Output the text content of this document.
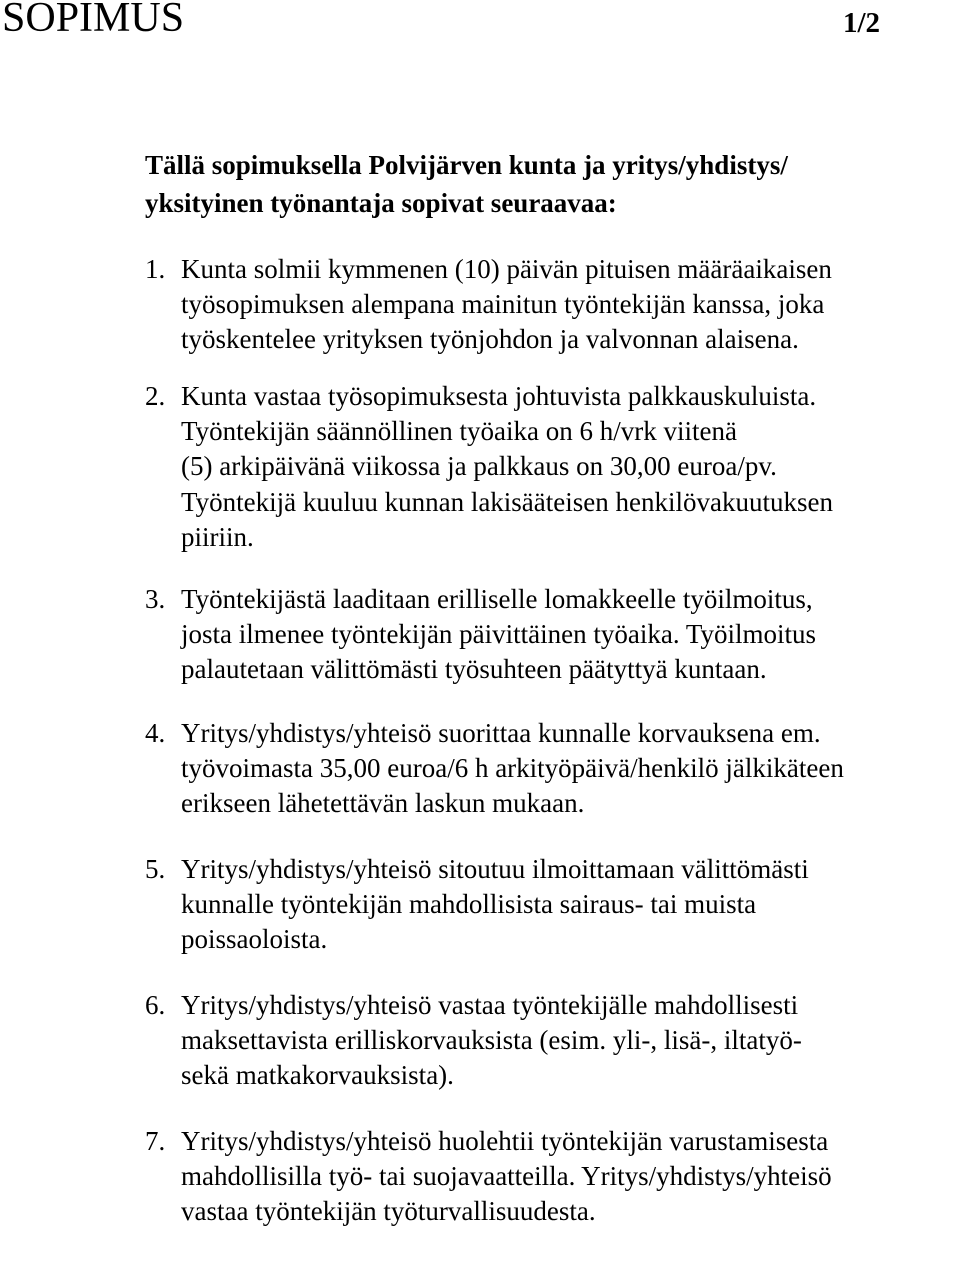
SOPIMUS	1/2
Tällä sopimuksella Polvijärven kunta ja yritys/yhdistys/
yksityinen työnantaja sopivat seuraavaa:
1. Kunta solmii kymmenen (10) päivän pituisen määräaikaisen
työsopimuksen alempana mainitun työntekijän kanssa, joka
työskentelee yrityksen työnjohdon ja valvonnan alaisena.
2. Kunta vastaa työsopimuksesta johtuvista palkkauskuluista.
Työntekijän säännöllinen työaika on 6 h/vrk viitenä
(5) arkipäivänä viikossa ja palkkaus on 30,00 euroa/pv.
Työntekijä kuuluu kunnan lakisääteisen henkilövakuutuksen
piiriin.
3. Työntekijästä laaditaan erilliselle lomakkeelle työilmoitus,
josta ilmenee työntekijän päivittäinen työaika. Työilmoitus
palautetaan välittömästi työsuhteen päätyttyä kuntaan.
4. Yritys/yhdistys/yhteisö suorittaa kunnalle korvauksena em.
työvoimasta 35,00 euroa/6 h arkityöpäivä/henkilö jälkikäteen
erikseen lähetettävän laskun mukaan.
5. Yritys/yhdistys/yhteisö sitoutuu ilmoittamaan välittömästi
kunnalle työntekijän mahdollisista sairaus- tai muista
poissaoloista.
6. Yritys/yhdistys/yhteisö vastaa työntekijälle mahdollisesti
maksettavista erilliskorvauksista (esim. yli-, lisä-, iltatyö-
sekä matkakorvauksista).
7. Yritys/yhdistys/yhteisö huolehtii työntekijän varustamisesta
mahdollisilla työ- tai suojavaatteilla. Yritys/yhdistys/yhteisö
vastaa työntekijän työturvallisuudesta.
